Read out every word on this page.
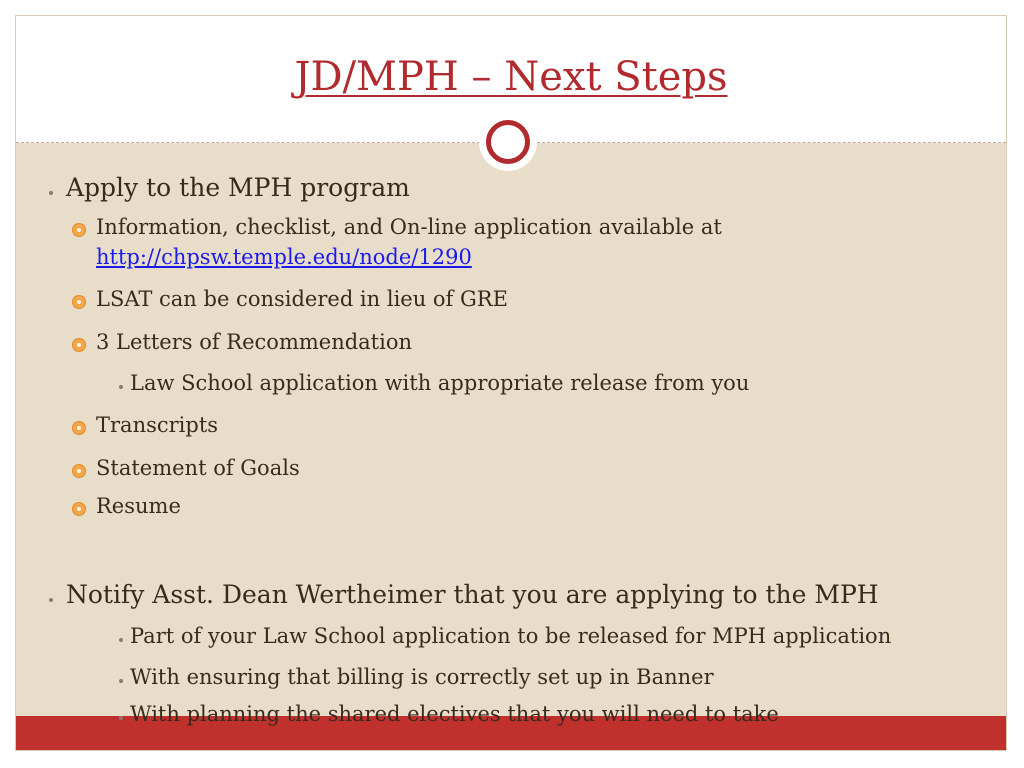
JD/MPH – Next Steps
Apply to the MPH program
Information, checklist, and On-line application available at
http://chpsw.temple.edu/node/1290
LSAT can be considered in lieu of GRE
3 Letters of Recommendation
Law School application with appropriate release from you
Transcripts
Statement of Goals
Resume
Notify Asst. Dean Wertheimer that you are applying to the MPH
Part of your Law School application to be released for MPH application
With ensuring that billing is correctly set up in Banner
With planning the shared electives that you will need to take
